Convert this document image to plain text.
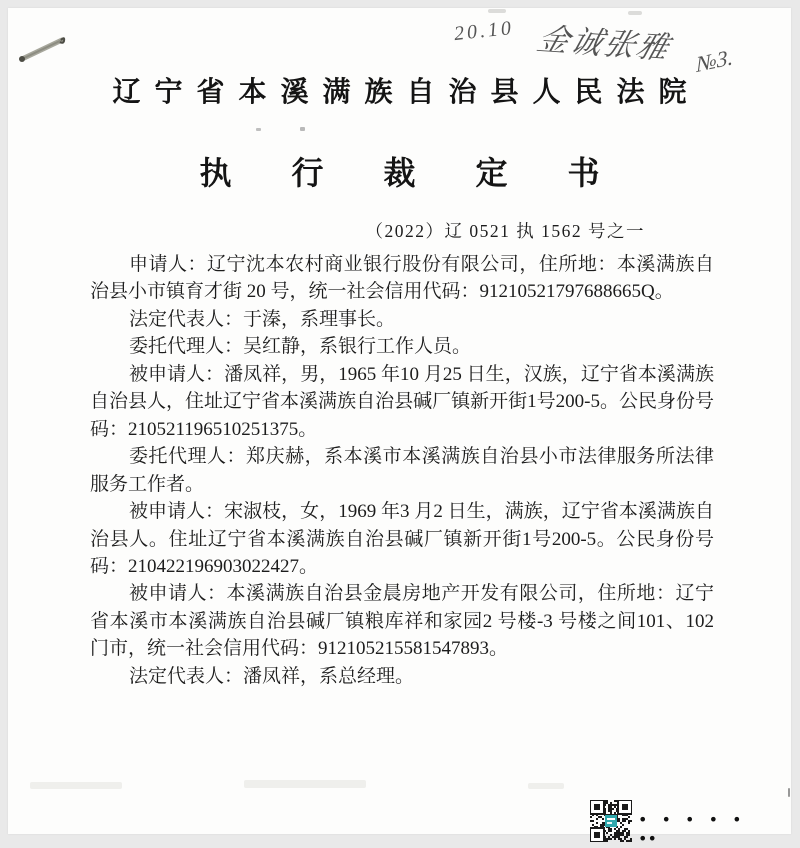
20.10 金诚张雅 №3.
辽宁省本溪满族自治县人民法院
执 行 裁 定 书
（2022）辽 0521 执 1562 号之一

申请人：辽宁沈本农村商业银行股份有限公司，住所地：本溪满族自治县小市镇育才街 20 号，统一社会信用代码：91210521797688665Q。

法定代表人：于溱，系理事长。

委托代理人：吴红静，系银行工作人员。

被申请人：潘凤祥，男，1965 年10 月25 日生，汉族，辽宁省本溪满族自治县人，住址辽宁省本溪满族自治县碱厂镇新开街1号200-5。公民身份号码：210521196510251375。

委托代理人：郑庆赫，系本溪市本溪满族自治县小市法律服务所法律服务工作者。

被申请人：宋淑枝，女，1969 年3 月2 日生，满族，辽宁省本溪满族自治县人。住址辽宁省本溪满族自治县碱厂镇新开街1号200-5。公民身份号码：210422196903022427。

被申请人：本溪满族自治县金晨房地产开发有限公司，住所地：辽宁省本溪市本溪满族自治县碱厂镇粮库祥和家园2 号楼-3 号楼之间101、102 门市，统一社会信用代码：912105215581547893。

法定代表人：潘凤祥，系总经理。

• • • • • ••
